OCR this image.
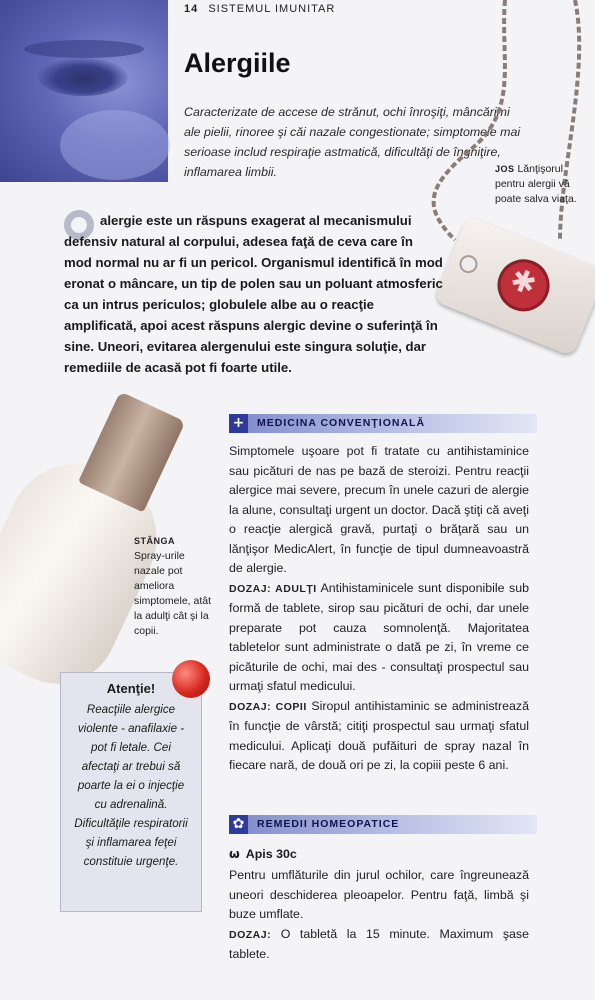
14 SISTEMUL IMUNITAR
Alergiile
Caracterizate de accese de strănut, ochi înroşiţi, mâncărimi ale pielii, rinoree şi căi nazale congestionate; simptomele mai serioase includ respiraţie astmatică, dificultăţi de înghiţire, inflamarea limbii.
✱	JOS Lănţişorul pentru alergii vă poate salva viaţa.
alergie este un răspuns exagerat al mecanismului defensiv natural al corpului, adesea faţă de ceva care în mod normal nu ar fi un pericol. Organismul identifică în mod eronat o mâncare, un tip de polen sau un poluant atmosferic ca un intrus periculos; globulele albe au o reacţie amplificată, apoi acest răspuns alergic devine o suferinţă în sine. Uneori, evitarea alergenului este singura soluţie, dar remediile de acasă pot fi foarte utile.
STÂNGA
Spray-urile nazale pot ameliora simptomele, atât la adulţi cât şi la copii.
Atenţie!
Reacţiile alergice violente - anafilaxie - pot fi letale. Cei afectaţi ar trebui să poarte la ei o injecţie cu adrenalină. Dificultăţile respiratorii şi inflamarea feţei constituie urgenţe.
+	MEDICINA CONVENŢIONALĂ

Simptomele uşoare pot fi tratate cu antihistaminice sau picături de nas pe bază de steroizi. Pentru reacţii alergice mai severe, precum în unele cazuri de alergie la alune, consultaţi urgent un doctor. Dacă ştiţi că aveţi o reacţie alergică gravă, purtaţi o brăţară sau un lănţişor MedicAlert, în funcţie de tipul dumneavoastră de alergie.

DOZAJ: ADULŢI Antihistaminicele sunt disponibile sub formă de tablete, sirop sau picături de ochi, dar unele preparate pot cauza somnolenţă. Majoritatea tabletelor sunt administrate o dată pe zi, în vreme ce picăturile de ochi, mai des - consultaţi prospectul sau urmaţi sfatul medicului.

DOZAJ: COPII Siropul antihistaminic se administrează în funcţie de vârstă; citiţi prospectul sau urmaţi sfatul medicului. Aplicaţi două pufăituri de spray nazal în fiecare nară, de două ori pe zi, la copiii peste 6 ani.

✿	REMEDII HOMEOPATICE
ω Apis 30c

Pentru umflăturile din jurul ochilor, care îngreunează uneori deschiderea pleoapelor. Pentru faţă, limbă şi buze umflate.

DOZAJ: O tabletă la 15 minute. Maximum şase tablete.
